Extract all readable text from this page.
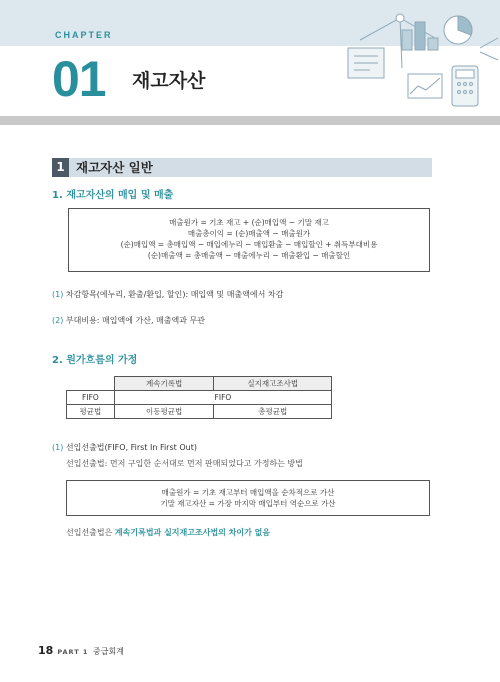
CHAPTER
01 재고자산
1 재고자산 일반
1. 재고자산의 매입 및 매출
매출원가 = 기초 재고 + (순)매입액 − 기말 재고
매출총이익 = (순)매출액 − 매출원가
(순)매입액 = 총매입액 − 매입에누리 − 매입환출 − 매입할인 + 취득부대비용
(순)매출액 = 총매출액 − 매출에누리 − 매출환입 − 매출할인
(1) 차감항목(에누리, 환출/환입, 할인): 매입액 및 매출액에서 차감
(2) 부대비용: 매입액에 가산, 매출액과 무관
2. 원가흐름의 가정
	계속기록법	실지재고조사법
FIFO	FIFO	
평균법	이동평균법	총평균법
(1) 선입선출법(FIFO, First In First Out)
선입선출법: 먼저 구입한 순서대로 먼저 판매되었다고 가정하는 방법
매출원가 = 기초 재고부터 매입액을 순차적으로 가산
기말 재고자산 = 가장 마지막 매입부터 역순으로 가산
선입선출법은 계속기록법과 실지재고조사법의 차이가 없음
18 PART 1 중급회계
